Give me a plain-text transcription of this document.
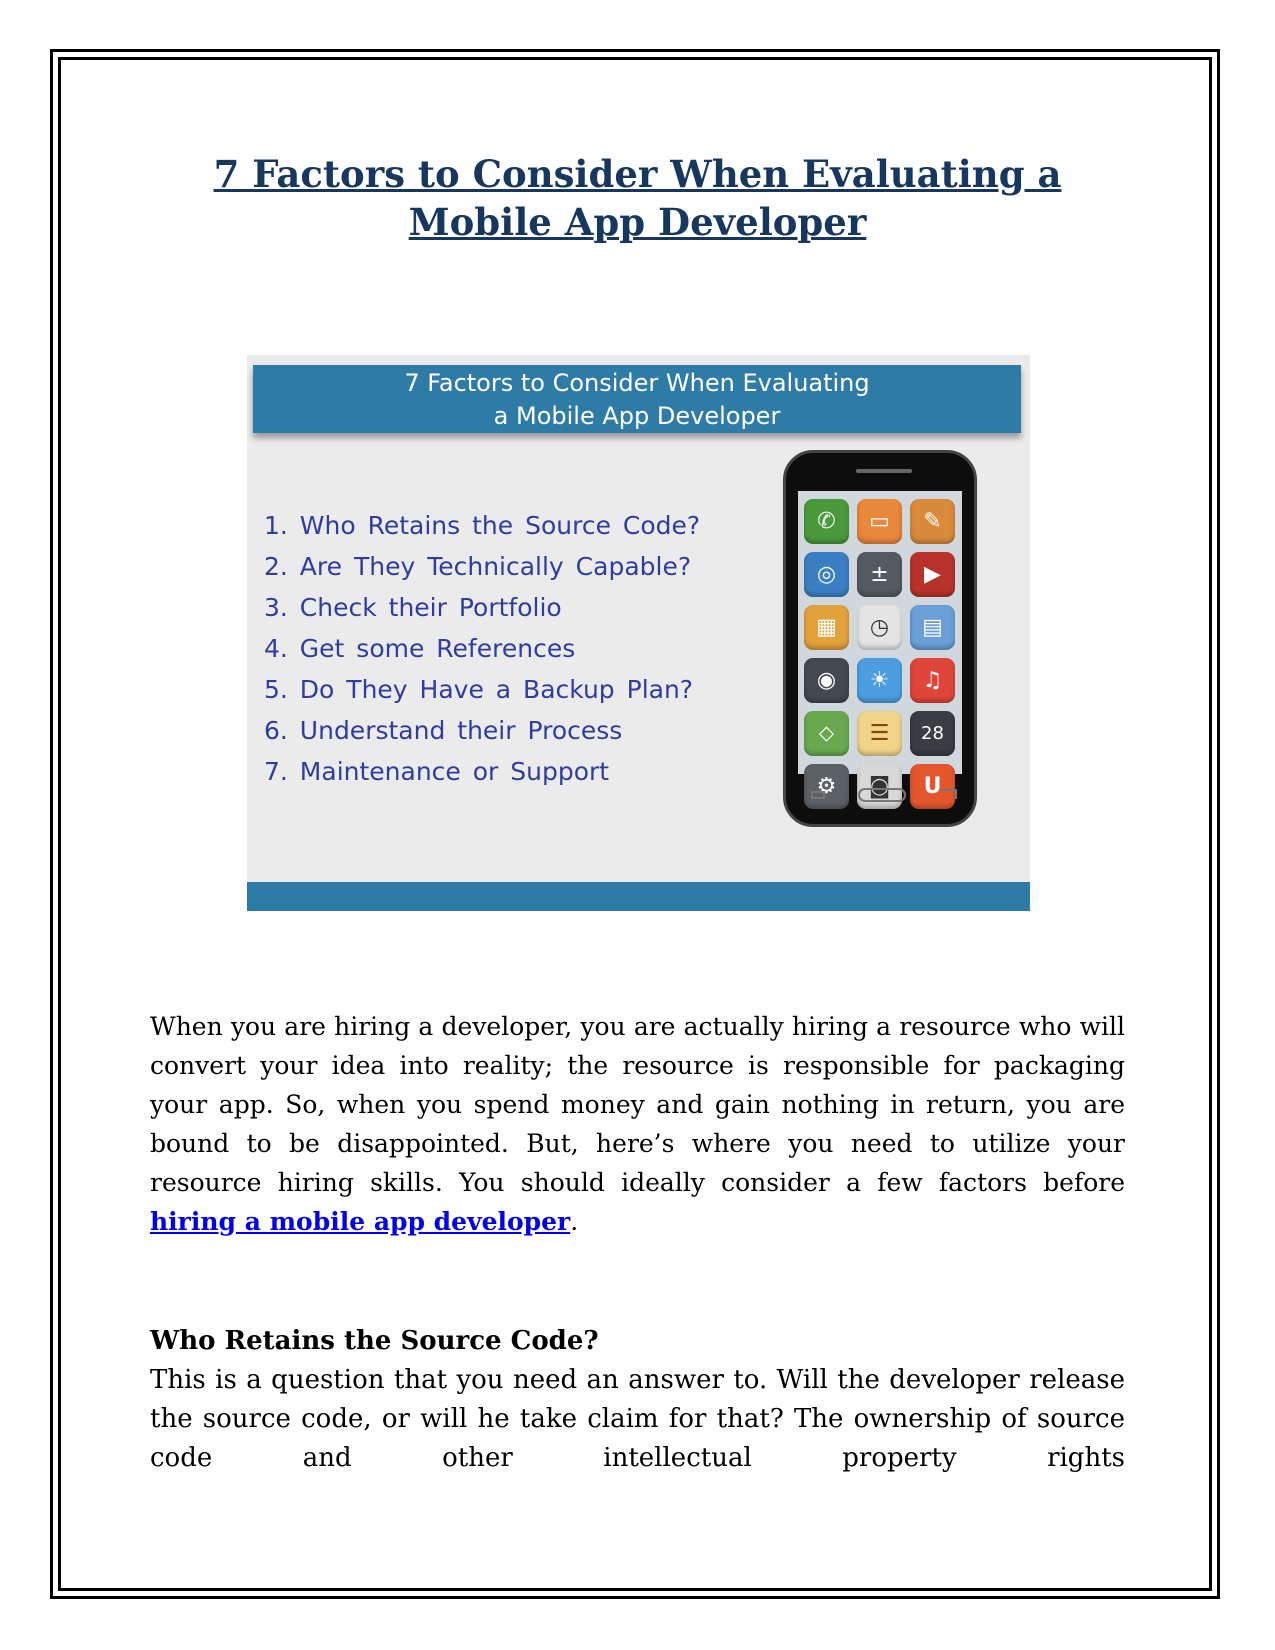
7 Factors to Consider When Evaluating a Mobile App Developer
7 Factors to Consider When Evaluating
a Mobile App Developer
1. Who Retains the Source Code?
2. Are They Technically Capable?
3. Check their Portfolio
4. Get some References
5. Do They Have a Backup Plan?
6. Understand their Process
7. Maintenance or Support
✆	▭	✎
◎	±	▶
▦	◷	▤
◉	☀	♫
⬦	☰	28
⚙	◙	U

When you are hiring a developer, you are actually hiring a resource who will convert your idea into reality; the resource is responsible for packaging your app. So, when you spend money and gain nothing in return, you are bound to be disappointed. But, here’s where you need to utilize your resource hiring skills. You should ideally consider a few factors before hiring a mobile app developer.

Who Retains the Source Code?

This is a question that you need an answer to. Will the developer release the source code, or will he take claim for that? The ownership of source code and other intellectual property rights
